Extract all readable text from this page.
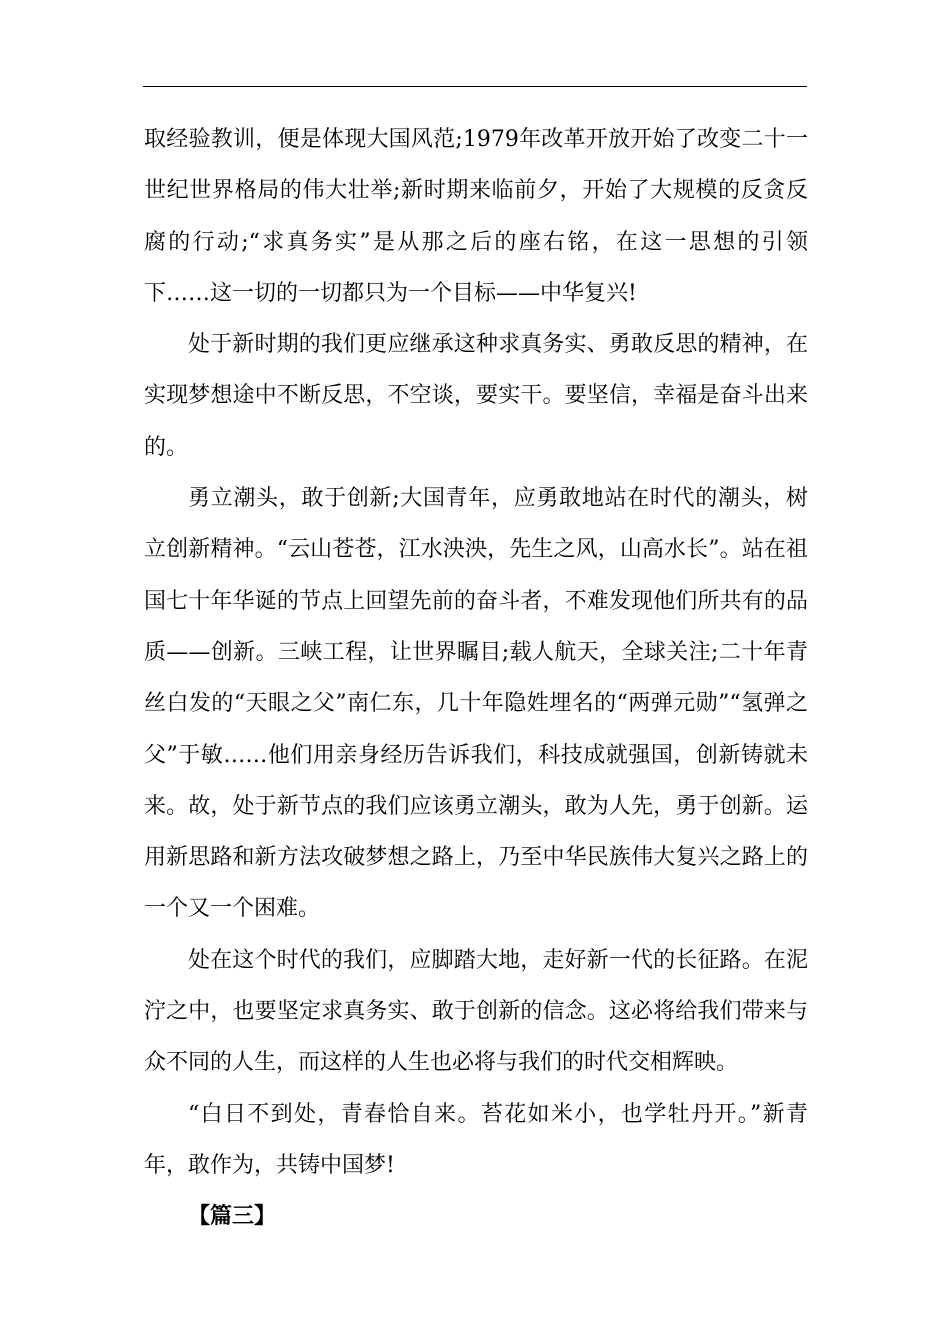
取经验教训，便是体现大国风范;1979年改革开放开始了改变二十一世纪世界格局的伟大壮举;新时期来临前夕，开始了大规模的反贪反腐的行动;“求真务实”是从那之后的座右铭，在这一思想的引领下……这一切的一切都只为一个目标——中华复兴!

处于新时期的我们更应继承这种求真务实、勇敢反思的精神，在实现梦想途中不断反思，不空谈，要实干。要坚信，幸福是奋斗出来的。

勇立潮头，敢于创新;大国青年，应勇敢地站在时代的潮头，树立创新精神。“云山苍苍，江水泱泱，先生之风，山高水长”。站在祖国七十年华诞的节点上回望先前的奋斗者，不难发现他们所共有的品质——创新。三峡工程，让世界瞩目;载人航天，全球关注;二十年青丝白发的“天眼之父”南仁东，几十年隐姓埋名的“两弹元勋”“氢弹之父”于敏……他们用亲身经历告诉我们，科技成就强国，创新铸就未来。故，处于新节点的我们应该勇立潮头，敢为人先，勇于创新。运用新思路和新方法攻破梦想之路上，乃至中华民族伟大复兴之路上的一个又一个困难。

处在这个时代的我们，应脚踏大地，走好新一代的长征路。在泥泞之中，也要坚定求真务实、敢于创新的信念。这必将给我们带来与众不同的人生，而这样的人生也必将与我们的时代交相辉映。

“白日不到处，青春恰自来。苔花如米小，也学牡丹开。”新青年，敢作为，共铸中国梦!

【篇三】
